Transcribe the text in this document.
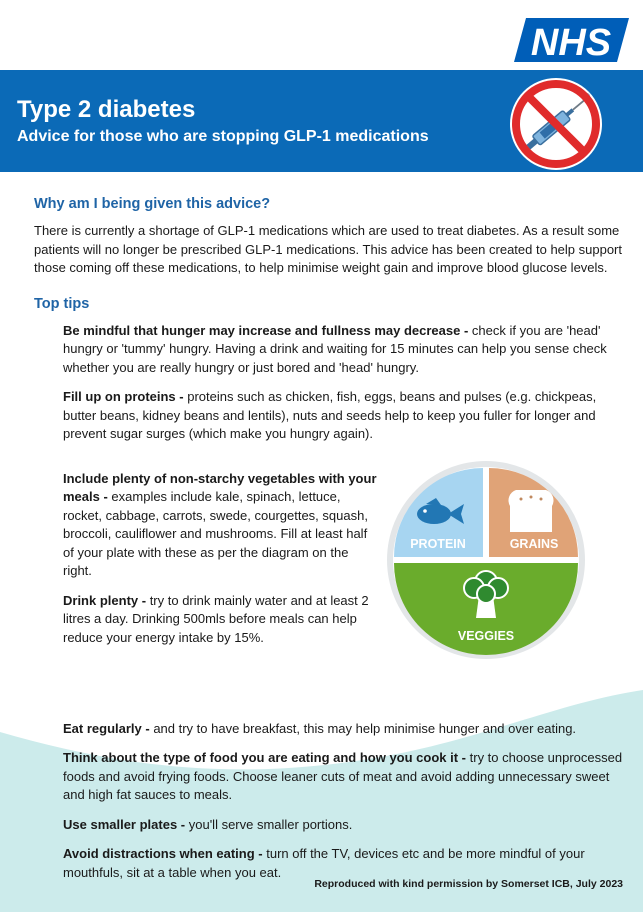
NHS
Type 2 diabetes
Advice for those who are stopping GLP-1 medications
Why am I being given this advice?

There is currently a shortage of GLP-1 medications which are used to treat diabetes. As a result some patients will no longer be prescribed GLP-1 medications. This advice has been created to help support those coming off these medications, to help minimise weight gain and improve blood glucose levels.

Top tips

Be mindful that hunger may increase and fullness may decrease - check if you are 'head' hungry or 'tummy' hungry. Having a drink and waiting for 15 minutes can help you sense check whether you are really hungry or just bored and 'head' hungry.

Fill up on proteins - proteins such as chicken, fish, eggs, beans and pulses (e.g. chickpeas, butter beans, kidney beans and lentils), nuts and seeds help to keep you fuller for longer and prevent sugar surges (which make you hungry again).

Include plenty of non-starchy vegetables with your meals - examples include kale, spinach, lettuce, rocket, cabbage, carrots, swede, courgettes, squash, broccoli, cauliflower and mushrooms. Fill at least half of your plate with these as per the diagram on the right.

Drink plenty - try to drink mainly water and at least 2 litres a day. Drinking 500mls before meals can help reduce your energy intake by 15%.

PROTEIN	GRAINS
VEGGIES

Eat regularly - and try to have breakfast, this may help minimise hunger and over eating.

Think about the type of food you are eating and how you cook it - try to choose unprocessed foods and avoid frying foods. Choose leaner cuts of meat and avoid adding unnecessary sweet and high fat sauces to meals.

Use smaller plates - you'll serve smaller portions.

Avoid distractions when eating - turn off the TV, devices etc and be more mindful of your mouthfuls, sit at a table when you eat.

Reproduced with kind permission by Somerset ICB, July 2023
